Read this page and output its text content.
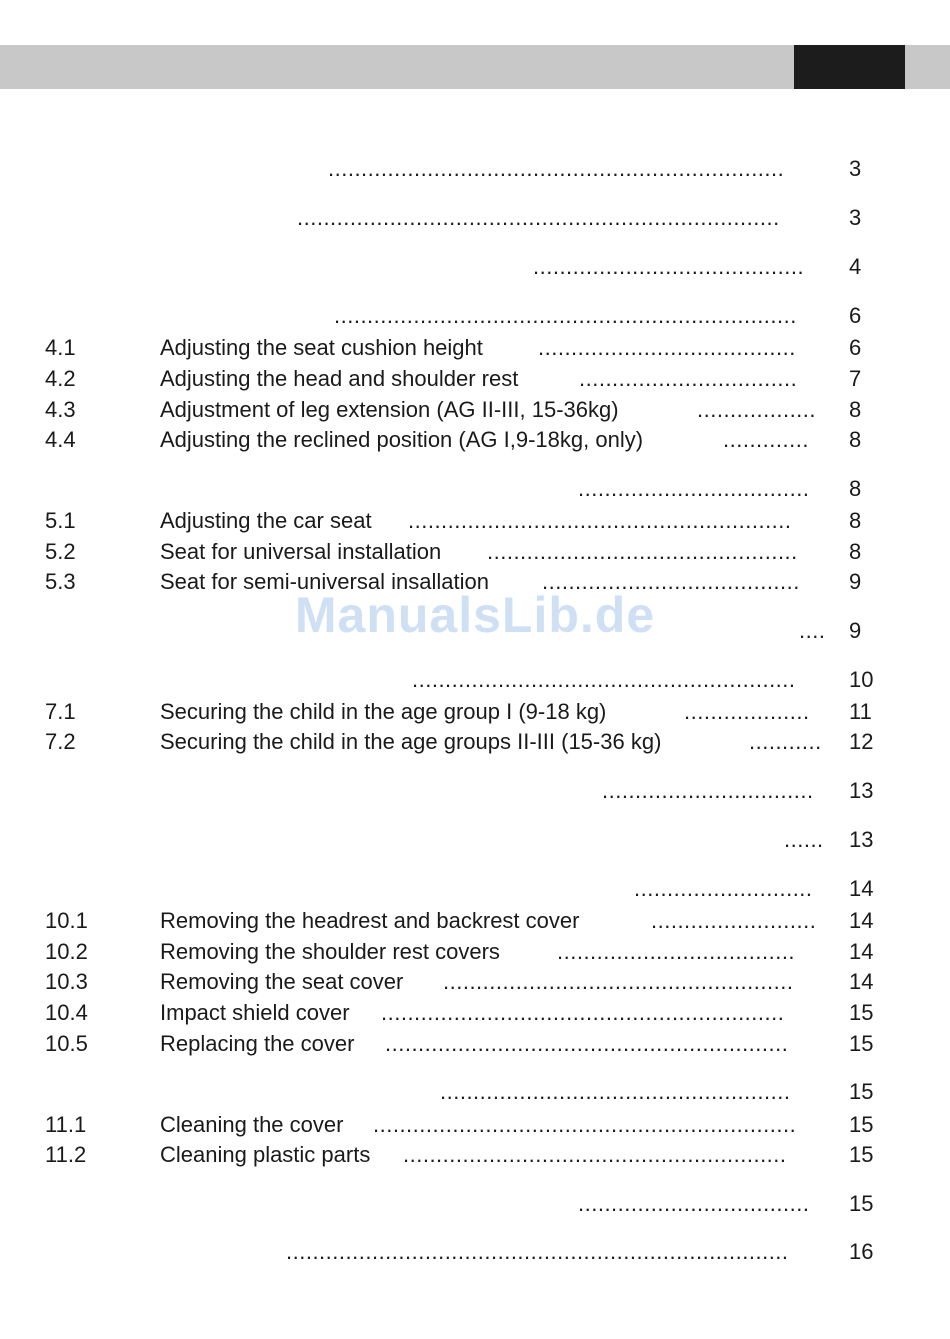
.....................................................................	3
.........................................................................	3
......................................... 4
...................................................................... 6
4.1	Adjusting the seat cushion height	....................................... 6
4.2	Adjusting the head and shoulder rest	................................. 7
4.3	Adjustment of leg extension (AG II-III, 15-36kg)	.................. 8
4.4	Adjusting the reclined position (AG I,9-18kg, only)	............. 8
................................... 8
5.1	Adjusting the car seat ..........................................................	8
5.2	Seat for universal installation ............................................... 8
5.3	Seat for semi-universal insallation ....................................... 9
.... 9
.......................................................... 10
7.1	Securing the child in the age group I (9-18 kg)	................... 11
7.2	Securing the child in the age groups II-III (15-36 kg)	........... 12
................................ 13
...... 13
........................... 14
10.1	Removing the headrest and backrest cover	......................... 14
10.2	Removing the shoulder rest covers	.................................... 14
10.3	Removing the seat cover .....................................................	14
10.4	Impact shield cover .............................................................	15
10.5	Replacing the cover .............................................................	15
.....................................................	15
11.1	Cleaning the cover ................................................................ 15
11.2	Cleaning plastic parts ..........................................................	15
................................... 15
............................................................................	16
ManualsLib.de
